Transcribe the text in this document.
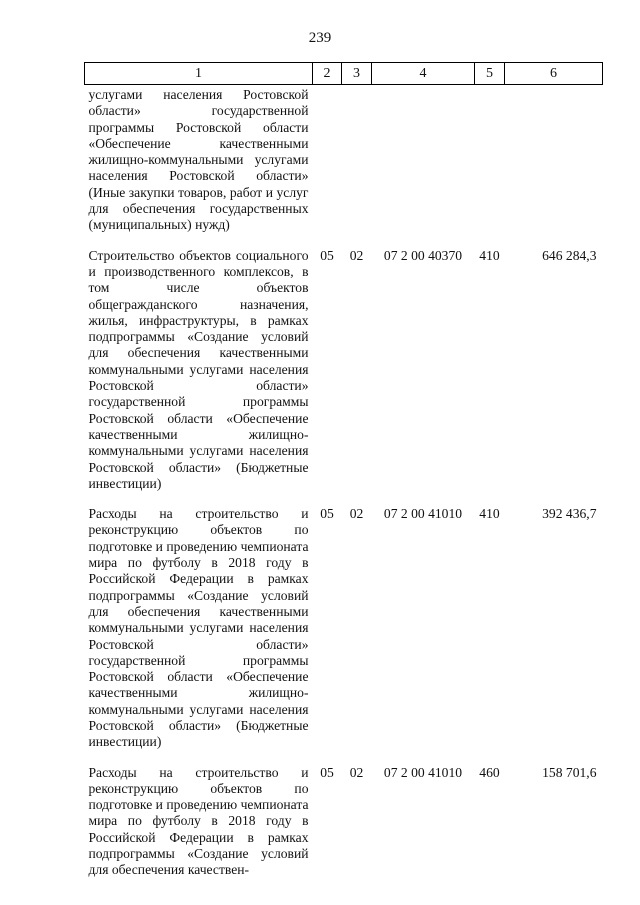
239
1	2	3	4	5	6
услугами населения Ростовской области» государственной программы Ростовской области «Обеспечение качественными жилищно-коммунальными услугами населения Ростовской области» (Иные закупки товаров, работ и услуг для обеспечения государственных (муниципальных) нужд)					
Строительство объектов социального и производственного комплексов, в том числе объектов общегражданского назначения, жилья, инфраструктуры, в рамках подпрограммы «Создание условий для обеспечения качественными коммунальными услугами населения Ростовской области» государственной программы Ростовской области «Обеспечение качественными жилищно-коммунальными услугами населения Ростовской области» (Бюджетные инвестиции)	05	02	07 2 00 40370	410	646 284,3
Расходы на строительство и реконструкцию объектов по подготовке и проведению чемпионата мира по футболу в 2018 году в Российской Федерации в рамках подпрограммы «Создание условий для обеспечения качественными коммунальными услугами населения Ростовской области» государственной программы Ростовской области «Обеспечение качественными жилищно-коммунальными услугами населения Ростовской области» (Бюджетные инвестиции)	05	02	07 2 00 41010	410	392 436,7
Расходы на строительство и реконструкцию объектов по подготовке и проведению чемпионата мира по футболу в 2018 году в Российской Федерации в рамках подпрограммы «Создание условий для обеспечения качествен-	05	02	07 2 00 41010	460	158 701,6
